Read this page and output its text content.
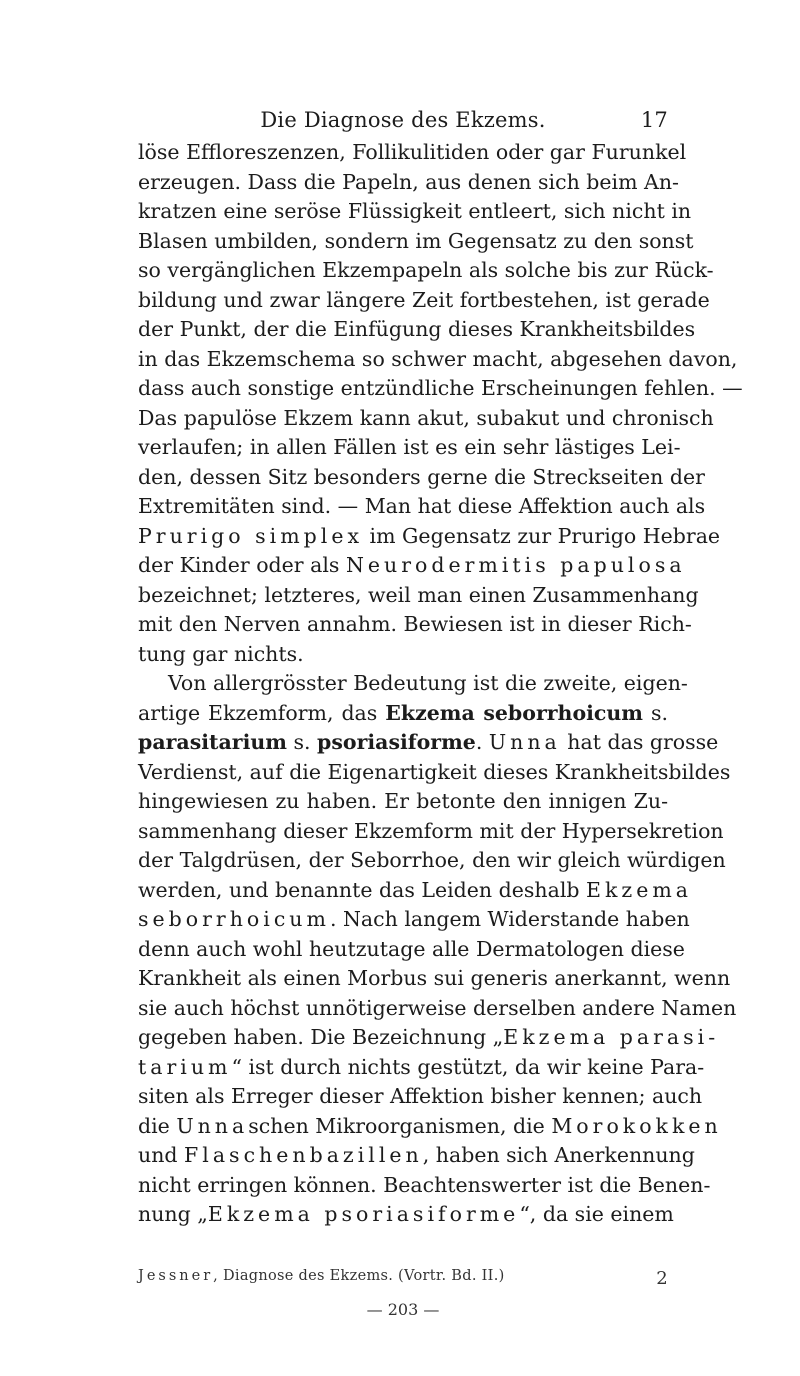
Die Diagnose des Ekzems.	17
löse Effloreszenzen, Follikulitiden oder gar Furunkel
erzeugen. Dass die Papeln, aus denen sich beim An-
kratzen eine seröse Flüssigkeit entleert, sich nicht in
Blasen umbilden, sondern im Gegensatz zu den sonst
so vergänglichen Ekzempapeln als solche bis zur Rück-
bildung und zwar längere Zeit fortbestehen, ist gerade
der Punkt, der die Einfügung dieses Krankheitsbildes
in das Ekzemschema so schwer macht, abgesehen davon,
dass auch sonstige entzündliche Erscheinungen fehlen. —
Das papulöse Ekzem kann akut, subakut und chronisch
verlaufen; in allen Fällen ist es ein sehr lästiges Lei-
den, dessen Sitz besonders gerne die Streckseiten der
Extremitäten sind. — Man hat diese Affektion auch als
Prurigo simplex im Gegensatz zur Prurigo Hebrae
der Kinder oder als Neurodermitis papulosa
bezeichnet; letzteres, weil man einen Zusammenhang
mit den Nerven annahm. Bewiesen ist in dieser Rich-
tung gar nichts.
Von allergrösster Bedeutung ist die zweite, eigen-
artige Ekzemform, das Ekzema seborrhoicum s.
parasitarium s. psoriasiforme. Unna hat das grosse
Verdienst, auf die Eigenartigkeit dieses Krankheitsbildes
hingewiesen zu haben. Er betonte den innigen Zu-
sammenhang dieser Ekzemform mit der Hypersekretion
der Talgdrüsen, der Seborrhoe, den wir gleich würdigen
werden, und benannte das Leiden deshalb Ekzema
seborrhoicum. Nach langem Widerstande haben
denn auch wohl heutzutage alle Dermatologen diese
Krankheit als einen Morbus sui generis anerkannt, wenn
sie auch höchst unnötigerweise derselben andere Namen
gegeben haben. Die Bezeichnung „Ekzema parasi-
tarium“ ist durch nichts gestützt, da wir keine Para-
siten als Erreger dieser Affektion bisher kennen; auch
die Unnaschen Mikroorganismen, die Morokokken
und Flaschenbazillen, haben sich Anerkennung
nicht erringen können. Beachtenswerter ist die Benen-
nung „Ekzema psoriasiforme“, da sie einem
Jessner, Diagnose des Ekzems. (Vortr. Bd. II.)	2
— 203 —
